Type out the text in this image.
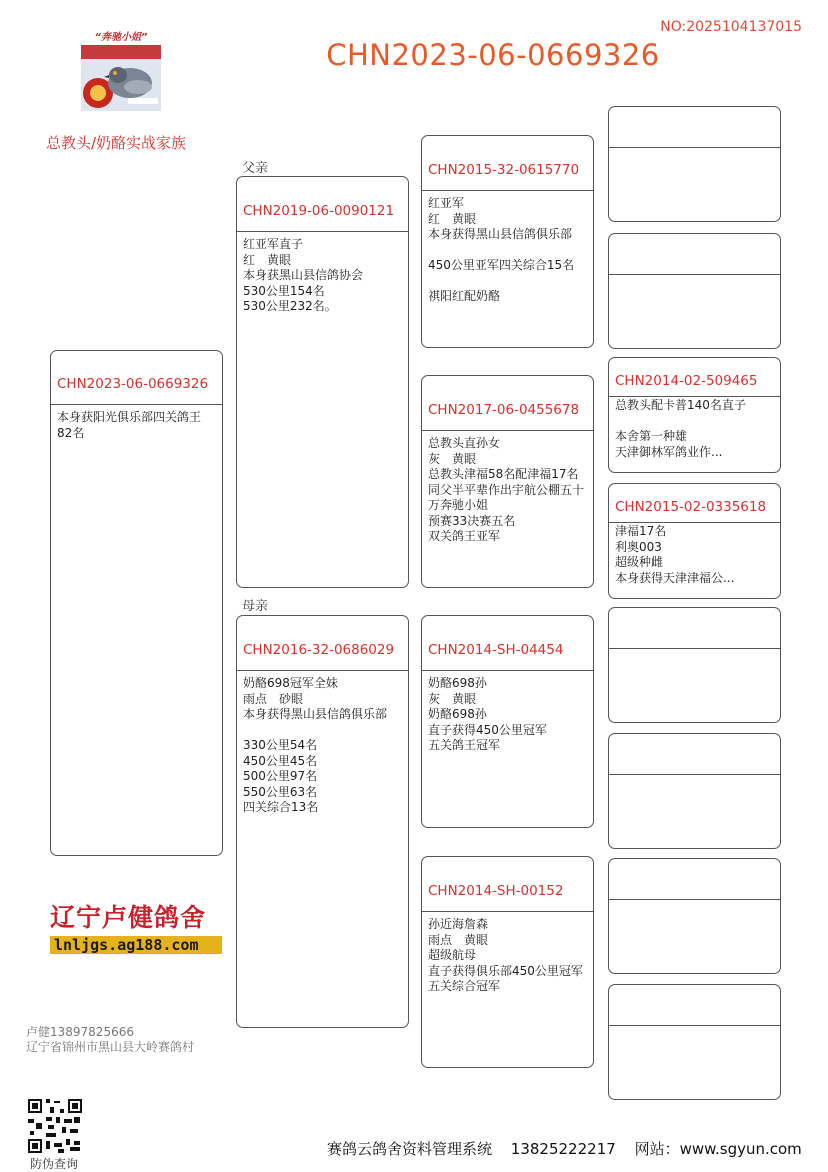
NO:2025104137015
CHN2023-06-0669326
“奔驰小姐”
总教头/奶酪实战家族
父亲
母亲
CHN2023-06-0669326
本身获阳光俱乐部四关鸽王
82名
CHN2019-06-0090121
红亚军直子
红　黄眼
本身获黑山县信鸽协会
530公里154名
530公里232名。
CHN2016-32-0686029
奶酪698冠军全妹
雨点　砂眼
本身获得黑山县信鸽俱乐部

330公里54名
450公里45名
500公里97名
550公里63名
四关综合13名
CHN2015-32-0615770
红亚军
红　黄眼
本身获得黑山县信鸽俱乐部

450公里亚军四关综合15名

祺阳红配奶酪
CHN2017-06-0455678
总教头直孙女
灰　黄眼
总教头津福58名配津福17名
同父半平辈作出宇航公棚五十万奔驰小姐
预赛33决赛五名
双关鸽王亚军
CHN2014-SH-04454
奶酪698孙
灰　黄眼
奶酪698孙
直子获得450公里冠军
五关鸽王冠军
CHN2014-SH-00152
孙近海詹森
雨点　黄眼
超级航母
直子获得俱乐部450公里冠军
五关综合冠军
CHN2014-02-509465
总教头配卡普140名直子

本舍第一种雄
天津御林军鸽业作...
CHN2015-02-0335618
津福17名
利奥003
超级种雌
本身获得天津津福公...
辽宁卢健鸽舍
lnljgs.ag188.com
卢健13897825666
辽宁省锦州市黑山县大岭赛鸽村
防伪查询
赛鸽云鸽舍资料管理系统 13825222217 网站：www.sgyun.com
